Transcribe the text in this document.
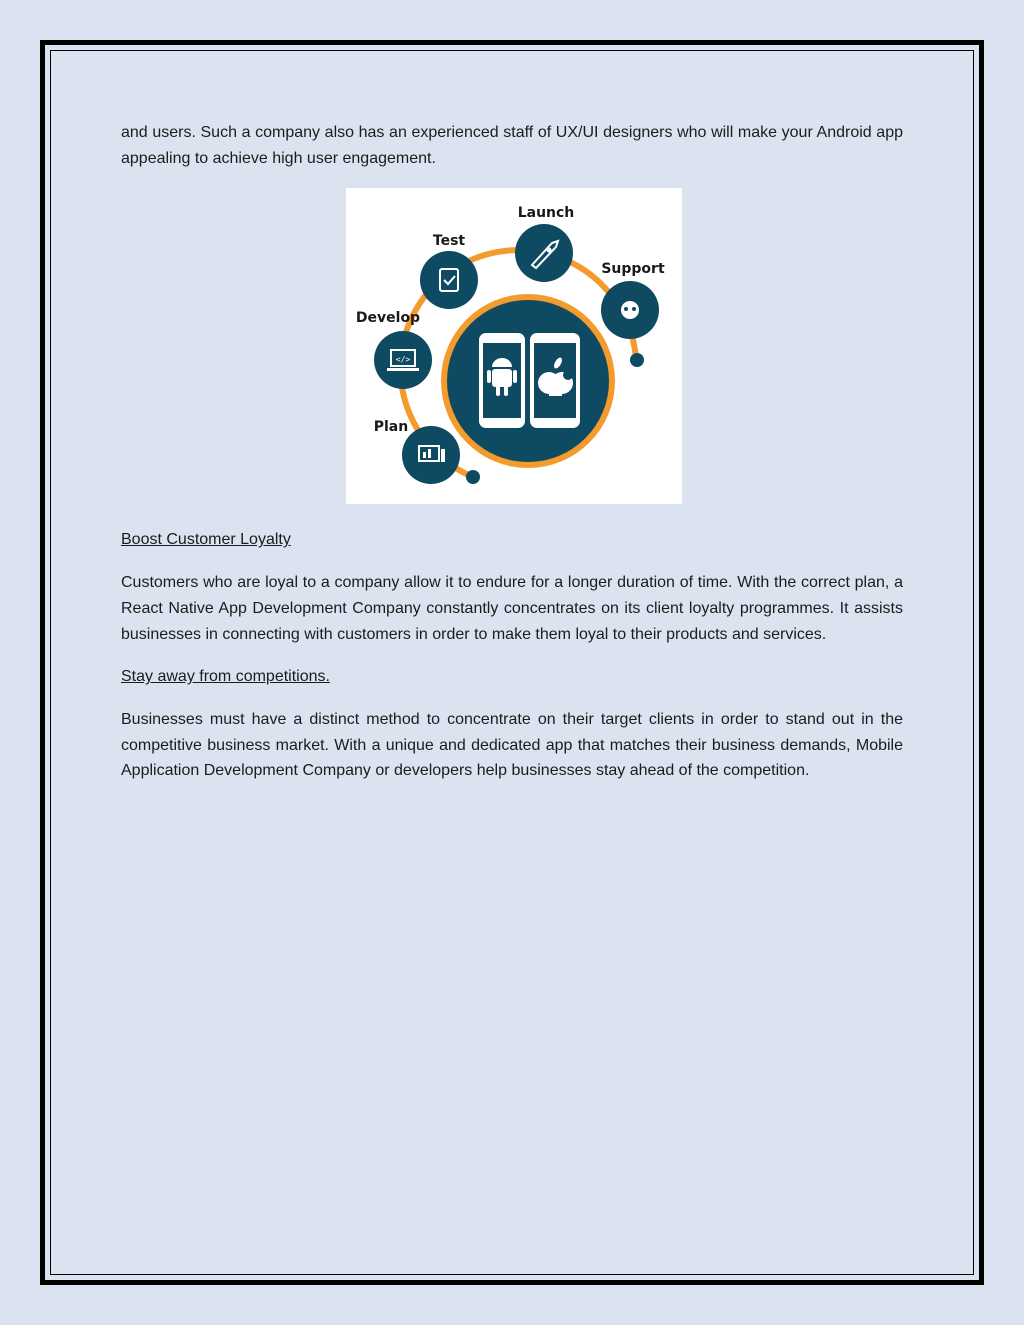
and users. Such a company also has an experienced staff of UX/UI designers who will make your Android app appealing to achieve high user engagement.

</>
Launch
Test
Support
Develop
Plan

Boost Customer Loyalty

Customers who are loyal to a company allow it to endure for a longer duration of time. With the correct plan, a React Native App Development Company constantly concentrates on its client loyalty programmes. It assists businesses in connecting with customers in order to make them loyal to their products and services.

Stay away from competitions.

Businesses must have a distinct method to concentrate on their target clients in order to stand out in the competitive business market. With a unique and dedicated app that matches their business demands, Mobile Application Development Company or developers help businesses stay ahead of the competition.
